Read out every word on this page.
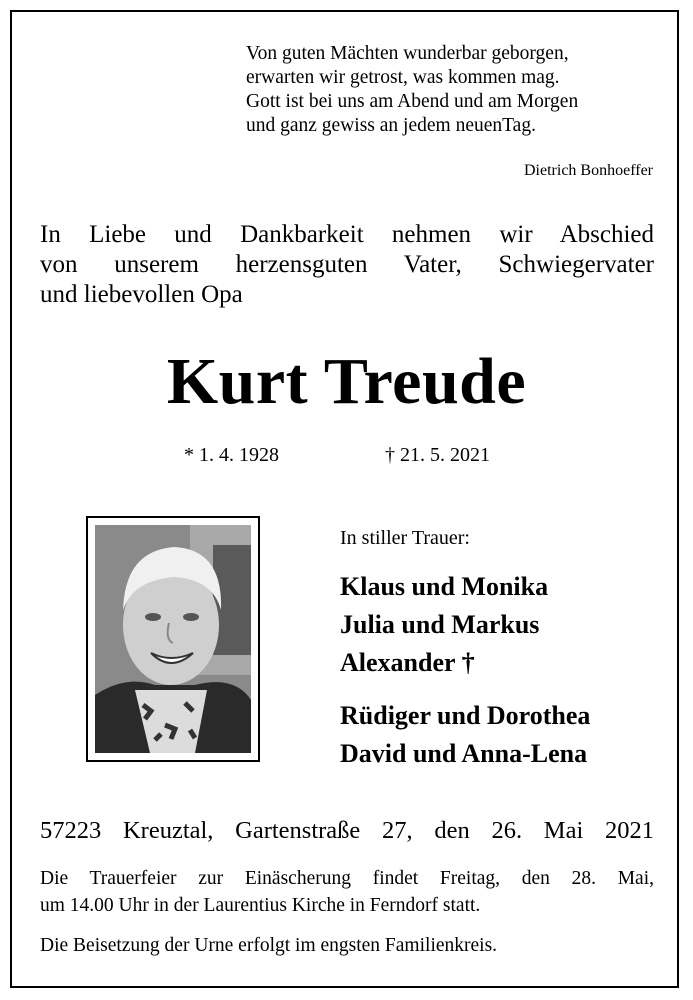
Von guten Mächten wunderbar geborgen,
erwarten wir getrost, was kommen mag.
Gott ist bei uns am Abend und am Morgen
und ganz gewiss an jedem neuenTag.
Dietrich Bonhoeffer
In Liebe und Dankbarkeit nehmen wir Abschied
von unserem herzensguten Vater, Schwiegervater
und liebevollen Opa
Kurt Treude
* 1. 4. 1928	† 21. 5. 2021
In stiller Trauer:
Klaus und Monika
Julia und Markus
Alexander †
Rüdiger und Dorothea
David und Anna-Lena
57223 Kreuztal, Gartenstraße 27, den 26. Mai 2021
Die Trauerfeier zur Einäscherung findet Freitag, den 28. Mai,
um 14.00 Uhr in der Laurentius Kirche in Ferndorf statt.
Die Beisetzung der Urne erfolgt im engsten Familienkreis.
